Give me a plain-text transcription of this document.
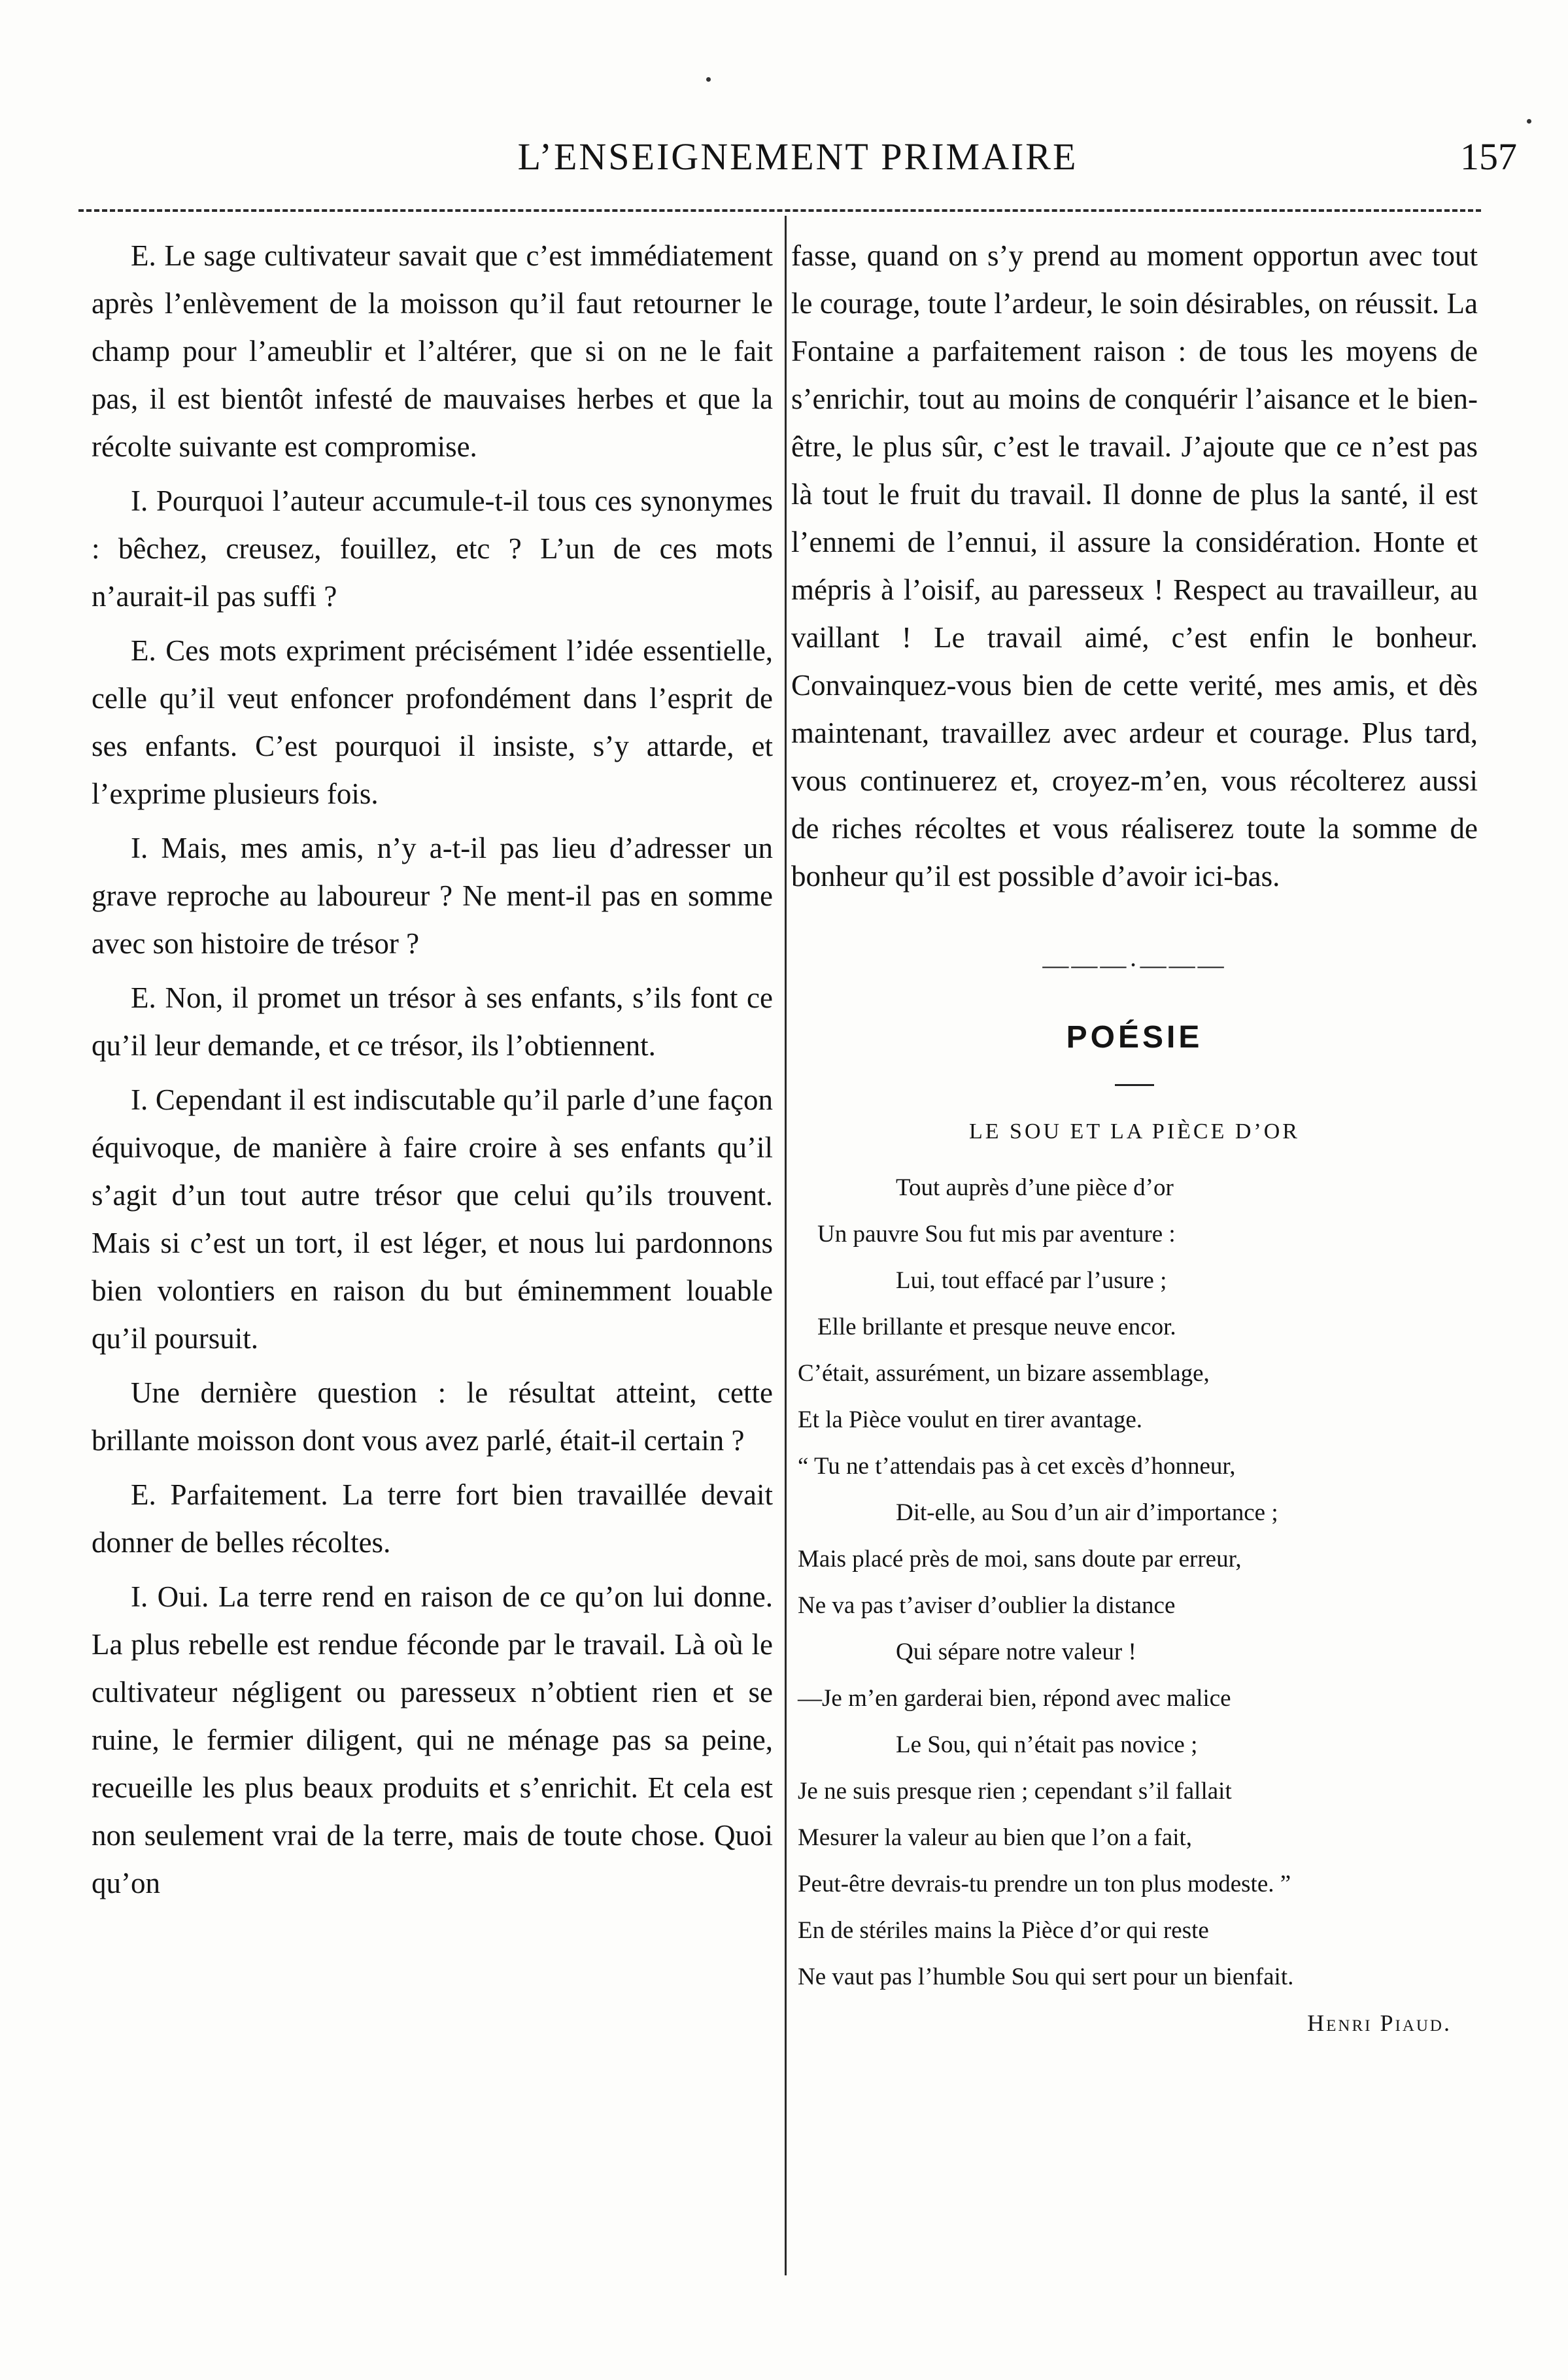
L’ENSEIGNEMENT PRIMAIRE	157

E. Le sage cultivateur savait que c’est immédiatement après l’enlèvement de la moisson qu’il faut retourner le champ pour l’ameublir et l’altérer, que si on ne le fait pas, il est bientôt infesté de mauvaises herbes et que la récolte suivante est compromise.

I. Pourquoi l’auteur accumule-t-il tous ces synonymes : bêchez, creusez, fouillez, etc ? L’un de ces mots n’aurait-il pas suffi ?

E. Ces mots expriment précisément l’idée essentielle, celle qu’il veut enfoncer profondément dans l’esprit de ses enfants. C’est pourquoi il insiste, s’y attarde, et l’exprime plusieurs fois.

I. Mais, mes amis, n’y a-t-il pas lieu d’adresser un grave reproche au laboureur ? Ne ment-il pas en somme avec son histoire de trésor ?

E. Non, il promet un trésor à ses enfants, s’ils font ce qu’il leur demande, et ce trésor, ils l’obtiennent.

I. Cependant il est indiscutable qu’il parle d’une façon équivoque, de manière à faire croire à ses enfants qu’il s’agit d’un tout autre trésor que celui qu’ils trouvent. Mais si c’est un tort, il est léger, et nous lui pardonnons bien volontiers en raison du but éminemment louable qu’il poursuit.

Une dernière question : le résultat atteint, cette brillante moisson dont vous avez parlé, était-il certain ?

E. Parfaitement. La terre fort bien travaillée devait donner de belles récoltes.

I. Oui. La terre rend en raison de ce qu’on lui donne. La plus rebelle est rendue féconde par le travail. Là où le cultivateur négligent ou paresseux n’obtient rien et se ruine, le fermier diligent, qui ne ménage pas sa peine, recueille les plus beaux produits et s’enrichit. Et cela est non seulement vrai de la terre, mais de toute chose. Quoi qu’on

fasse, quand on s’y prend au moment opportun avec tout le courage, toute l’ardeur, le soin désirables, on réussit. La Fontaine a parfaitement raison : de tous les moyens de s’enrichir, tout au moins de conquérir l’aisance et le bien-être, le plus sûr, c’est le travail. J’ajoute que ce n’est pas là tout le fruit du travail. Il donne de plus la santé, il est l’ennemi de l’ennui, il assure la considération. Honte et mépris à l’oisif, au paresseux ! Respect au travailleur, au vaillant ! Le travail aimé, c’est enfin le bonheur. Convainquez-vous bien de cette verité, mes amis, et dès maintenant, travaillez avec ardeur et courage. Plus tard, vous continuerez et, croyez-m’en, vous récolterez aussi de riches récoltes et vous réaliserez toute la somme de bonheur qu’il est possible d’avoir ici-bas.

———·———
POÉSIE
LE SOU ET LA PIÈCE D’OR
Tout auprès d’une pièce d’or
Un pauvre Sou fut mis par aventure :
Lui, tout effacé par l’usure ;
Elle brillante et presque neuve encor.
C’était, assurément, un bizare assemblage,
Et la Pièce voulut en tirer avantage.
“ Tu ne t’attendais pas à cet excès d’honneur,
Dit-elle, au Sou d’un air d’importance ;
Mais placé près de moi, sans doute par erreur,
Ne va pas t’aviser d’oublier la distance
Qui sépare notre valeur !
—Je m’en garderai bien, répond avec malice
Le Sou, qui n’était pas novice ;
Je ne suis presque rien ; cependant s’il fallait
Mesurer la valeur au bien que l’on a fait,
Peut-être devrais-tu prendre un ton plus modeste. ”
En de stériles mains la Pièce d’or qui reste
Ne vaut pas l’humble Sou qui sert pour un bienfait.
Henri Piaud.
